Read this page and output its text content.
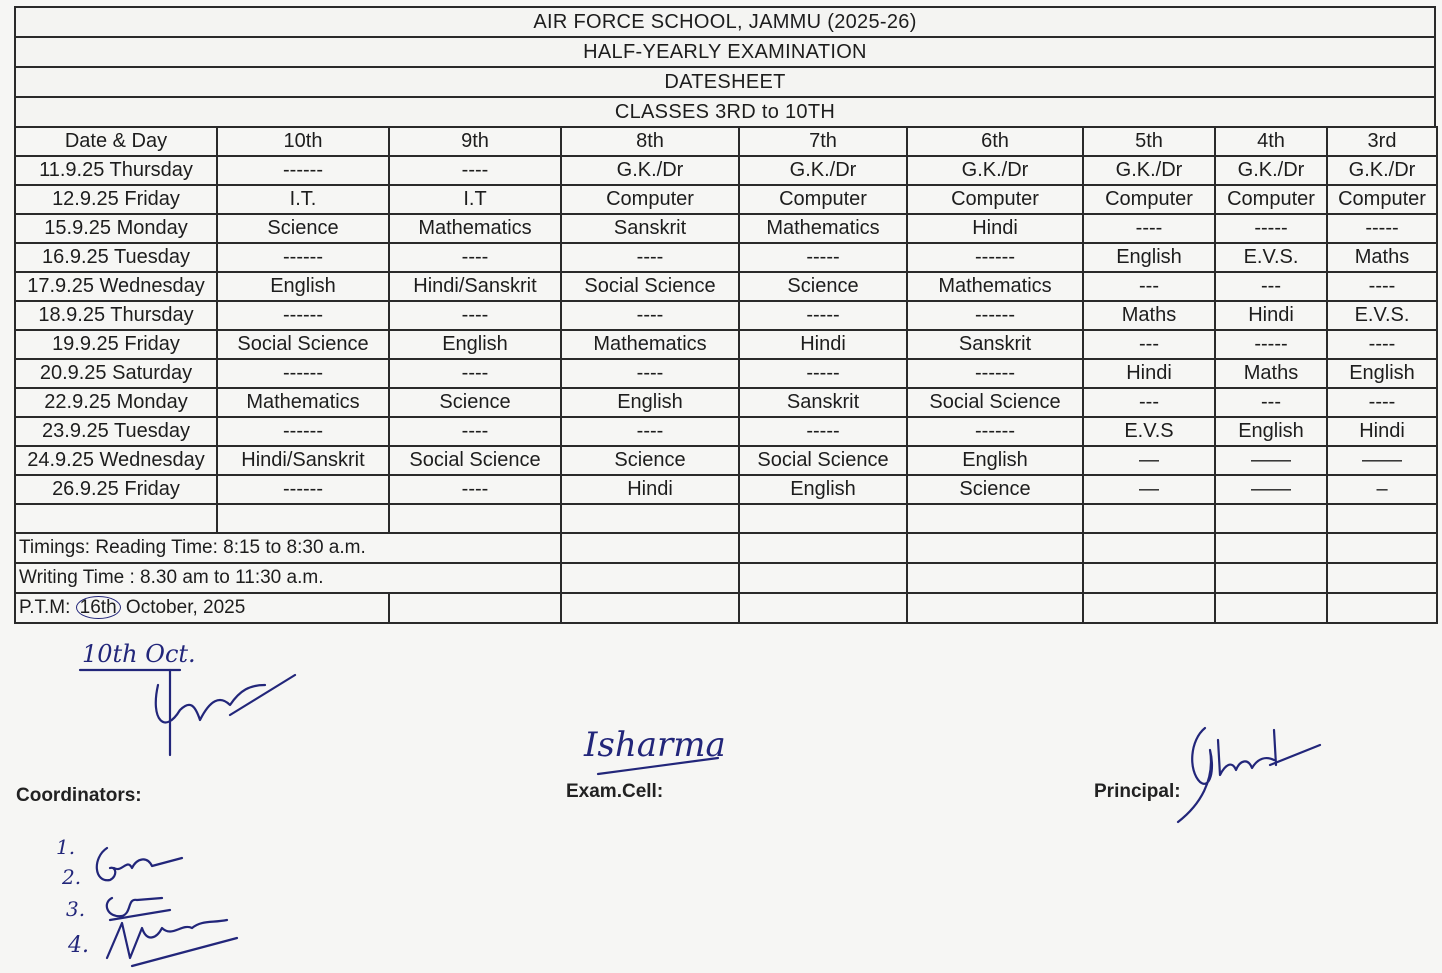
AIR FORCE SCHOOL, JAMMU (2025-26)
HALF-YEARLY EXAMINATION
DATESHEET
CLASSES 3RD to 10TH
Date & Day	10th	9th	8th	7th	6th	5th	4th	3rd
11.9.25 Thursday	------	----	G.K./Dr	G.K./Dr	G.K./Dr	G.K./Dr	G.K./Dr	G.K./Dr
12.9.25 Friday	I.T.	I.T	Computer	Computer	Computer	Computer	Computer	Computer
15.9.25 Monday	Science	Mathematics	Sanskrit	Mathematics	Hindi	----	-----	-----
16.9.25 Tuesday	------	----	----	-----	------	English	E.V.S.	Maths
17.9.25 Wednesday	English	Hindi/Sanskrit	Social Science	Science	Mathematics	---	---	----
18.9.25 Thursday	------	----	----	-----	------	Maths	Hindi	E.V.S.
19.9.25 Friday	Social Science	English	Mathematics	Hindi	Sanskrit	---	-----	----
20.9.25 Saturday	------	----	----	-----	------	Hindi	Maths	English
22.9.25 Monday	Mathematics	Science	English	Sanskrit	Social Science	---	---	----
23.9.25 Tuesday	------	----	----	-----	------	E.V.S	English	Hindi
24.9.25 Wednesday	Hindi/Sanskrit	Social Science	Science	Social Science	English	—	——	——
26.9.25 Friday	------	----	Hindi	English	Science	—	——	–

Timings: Reading Time: 8:15 to 8:30 a.m.								
Writing Time : 8.30 am to 11:30 a.m.								
P.T.M: 16th October, 2025								
10th Oct.
Isharma
Coordinators:	Exam.Cell:	Principal:
1.
2.
3.
4.
